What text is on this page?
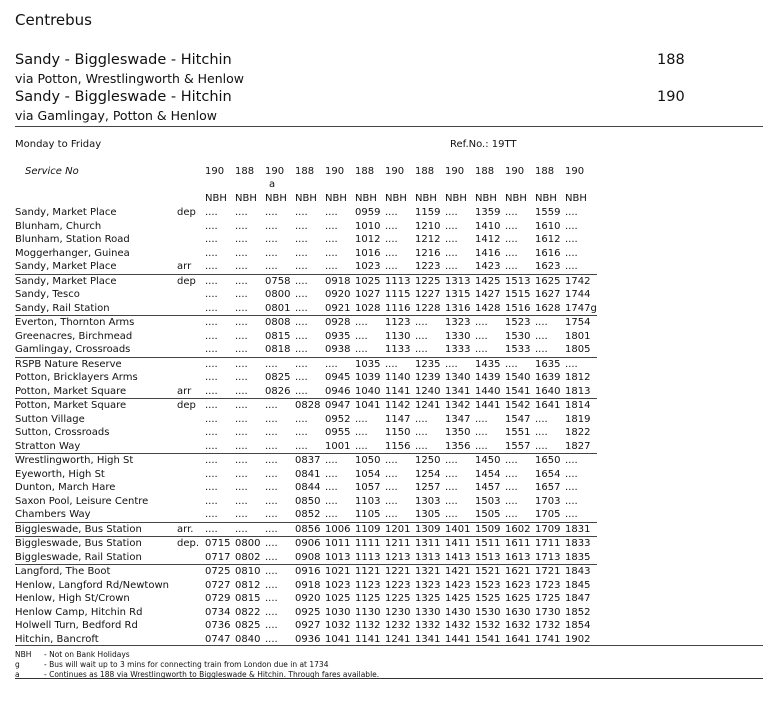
Centrebus
Sandy - Biggleswade - Hitchin	188
via Potton, Wrestlingworth & Henlow
Sandy - Biggleswade - Hitchin	190
via Gamlingay, Potton & Henlow
Monday to Friday	Ref.No.: 19TT
Service No	190	188	190	188	190	188	190	188	190	188	190	188	190
a
NBH NBH NBH NBH NBH NBH NBH NBH NBH NBH NBH NBH NBH
Sandy, Market Place	dep	....	....	....	....	....	0959	....	1159	....	1359	....	1559	....
Blunham, Church		....	....	....	....	....	1010	....	1210	....	1410	....	1610	....
Blunham, Station Road		....	....	....	....	....	1012	....	1212	....	1412	....	1612	....
Moggerhanger, Guinea		....	....	....	....	....	1016	....	1216	....	1416	....	1616	....
Sandy, Market Place	arr	....	....	....	....	....	1023	....	1223	....	1423	....	1623	....
Sandy, Market Place	dep	....	....	0758	....	0918	1025	1113	1225	1313	1425	1513	1625	1742
Sandy, Tesco		....	....	0800	....	0920	1027	1115	1227	1315	1427	1515	1627	1744
Sandy, Rail Station		....	....	0801	....	0921	1028	1116	1228	1316	1428	1516	1628	1747g
Everton, Thornton Arms		....	....	0808	....	0928	....	1123	....	1323	....	1523	....	1754
Greenacres, Birchmead		....	....	0815	....	0935	....	1130	....	1330	....	1530	....	1801
Gamlingay, Crossroads		....	....	0818	....	0938	....	1133	....	1333	....	1533	....	1805
RSPB Nature Reserve		....	....	....	....	....	1035	....	1235	....	1435	....	1635	....
Potton, Bricklayers Arms		....	....	0825	....	0945	1039	1140	1239	1340	1439	1540	1639	1812
Potton, Market Square	arr	....	....	0826	....	0946	1040	1141	1240	1341	1440	1541	1640	1813
Potton, Market Square	dep	....	....	....	0828	0947	1041	1142	1241	1342	1441	1542	1641	1814
Sutton Village		....	....	....	....	0952	....	1147	....	1347	....	1547	....	1819
Sutton, Crossroads		....	....	....	....	0955	....	1150	....	1350	....	1551	....	1822
Stratton Way		....	....	....	....	1001	....	1156	....	1356	....	1557	....	1827
Wrestlingworth, High St		....	....	....	0837	....	1050	....	1250	....	1450	....	1650	....
Eyeworth, High St		....	....	....	0841	....	1054	....	1254	....	1454	....	1654	....
Dunton, March Hare		....	....	....	0844	....	1057	....	1257	....	1457	....	1657	....
Saxon Pool, Leisure Centre		....	....	....	0850	....	1103	....	1303	....	1503	....	1703	....
Chambers Way		....	....	....	0852	....	1105	....	1305	....	1505	....	1705	....
Biggleswade, Bus Station	arr.	....	....	....	0856	1006	1109	1201	1309	1401	1509	1602	1709	1831
Biggleswade, Bus Station	dep.	0715	0800	....	0906	1011	1111	1211	1311	1411	1511	1611	1711	1833
Biggleswade, Rail Station		0717	0802	....	0908	1013	1113	1213	1313	1413	1513	1613	1713	1835
Langford, The Boot		0725	0810	....	0916	1021	1121	1221	1321	1421	1521	1621	1721	1843
Henlow, Langford Rd/Newtown		0727	0812	....	0918	1023	1123	1223	1323	1423	1523	1623	1723	1845
Henlow, High St/Crown		0729	0815	....	0920	1025	1125	1225	1325	1425	1525	1625	1725	1847
Henlow Camp, Hitchin Rd		0734	0822	....	0925	1030	1130	1230	1330	1430	1530	1630	1730	1852
Holwell Turn, Bedford Rd		0736	0825	....	0927	1032	1132	1232	1332	1432	1532	1632	1732	1854
Hitchin, Bancroft		0747	0840	....	0936	1041	1141	1241	1341	1441	1541	1641	1741	1902
NBH - Not on Bank Holidays
g	- Bus will wait up to 3 mins for connecting train from London due in at 1734
a	- Continues as 188 via Wrestlingworth to Biggleswade & Hitchin. Through fares available.
